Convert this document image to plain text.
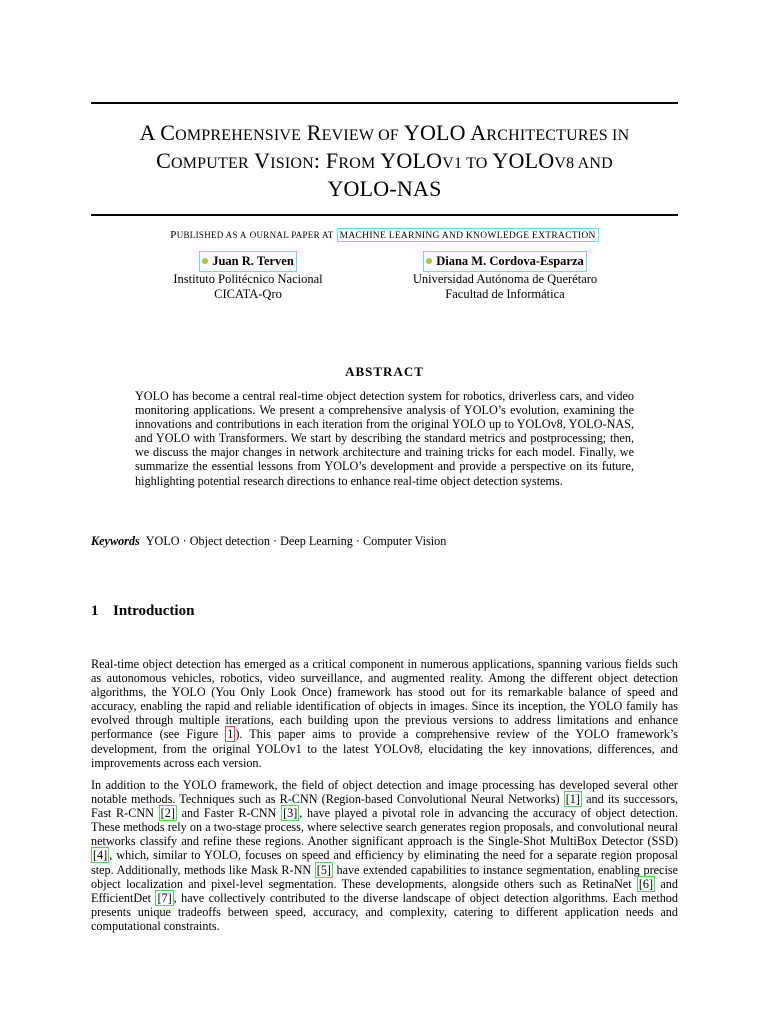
A COMPREHENSIVE REVIEW OF YOLO ARCHITECTURES IN
COMPUTER VISION: FROM YOLOV1 TO YOLOV8 AND
YOLO-NAS
PUBLISHED AS A OURNAL PAPER AT MACHINE LEARNING AND KNOWLEDGE EXTRACTION
Juan R. Terven
Instituto Politécnico Nacional
CICATA-Qro
Diana M. Cordova-Esparza
Universidad Autónoma de Querétaro
Facultad de Informática
ABSTRACT
YOLO has become a central real-time object detection system for robotics, driverless cars, and video monitoring applications. We present a comprehensive analysis of YOLO’s evolution, examining the innovations and contributions in each iteration from the original YOLO up to YOLOv8, YOLO-NAS, and YOLO with Transformers. We start by describing the standard metrics and postprocessing; then, we discuss the major changes in network architecture and training tricks for each model. Finally, we summarize the essential lessons from YOLO’s development and provide a perspective on its future, highlighting potential research directions to enhance real-time object detection systems.
Keywords YOLO · Object detection · Deep Learning · Computer Vision
1 Introduction
Real-time object detection has emerged as a critical component in numerous applications, spanning various fields such as autonomous vehicles, robotics, video surveillance, and augmented reality. Among the different object detection algorithms, the YOLO (You Only Look Once) framework has stood out for its remarkable balance of speed and accuracy, enabling the rapid and reliable identification of objects in images. Since its inception, the YOLO family has evolved through multiple iterations, each building upon the previous versions to address limitations and enhance performance (see Figure 1 ). This paper aims to provide a comprehensive review of the YOLO framework’s development, from the original YOLOv1 to the latest YOLOv8, elucidating the key innovations, differences, and improvements across each version.
In addition to the YOLO framework, the field of object detection and image processing has developed several other notable methods. Techniques such as R-CNN (Region-based Convolutional Neural Networks) [1] and its successors, Fast R-CNN [2] and Faster R-CNN [3] , have played a pivotal role in advancing the accuracy of object detection. These methods rely on a two-stage process, where selective search generates region proposals, and convolutional neural networks classify and refine these regions. Another significant approach is the Single-Shot MultiBox Detector (SSD)[4] , which, similar to YOLO, focuses on speed and efficiency by eliminating the need for a separate region proposal step. Additionally, methods like Mask R-NN [5] have extended capabilities to instance segmentation, enabling precise object localization and pixel-level segmentation. These developments, alongside others such as RetinaNet [6] and EfficientDet [7] , have collectively contributed to the diverse landscape of object detection algorithms. Each method presents unique tradeoffs between speed, accuracy, and complexity, catering to different application needs and computational constraints.
